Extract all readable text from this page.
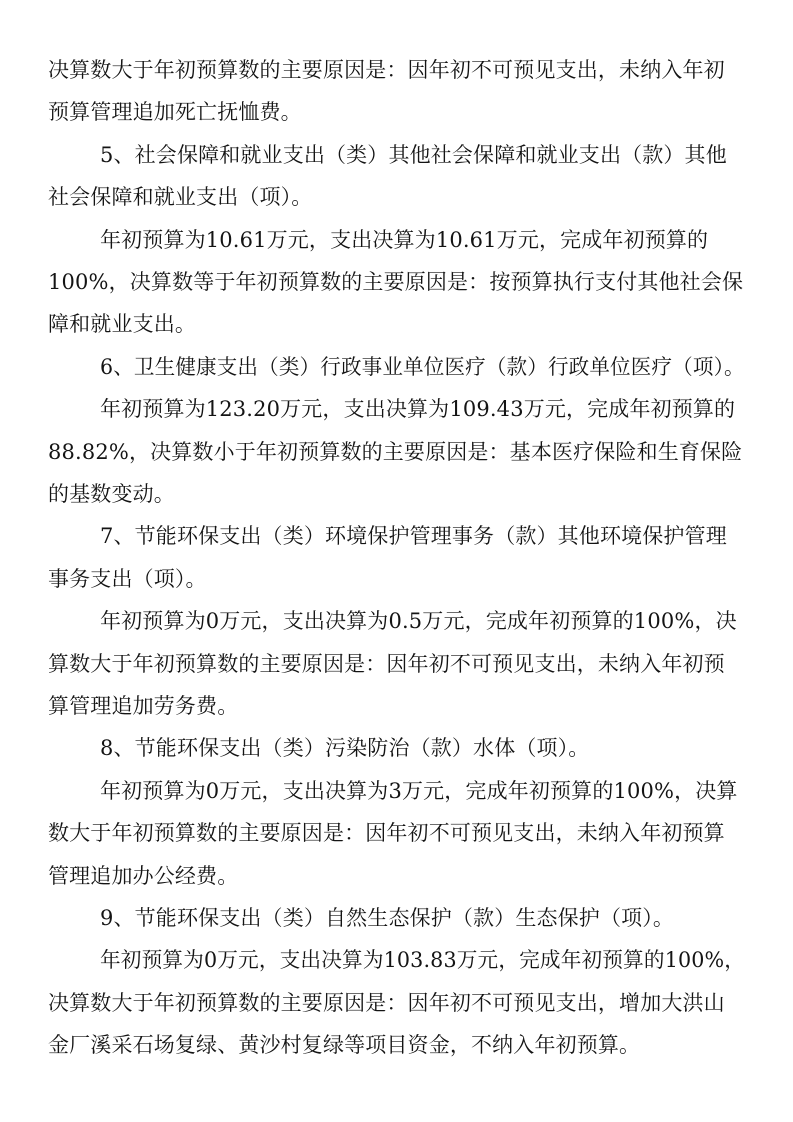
决算数大于年初预算数的主要原因是：因年初不可预见支出，未纳入年初

预算管理追加死亡抚恤费。

5、社会保障和就业支出（类）其他社会保障和就业支出（款）其他

社会保障和就业支出（项）。

年初预算为10.61万元，支出决算为10.61万元，完成年初预算的

100%，决算数等于年初预算数的主要原因是：按预算执行支付其他社会保

障和就业支出。

6、卫生健康支出（类）行政事业单位医疗（款）行政单位医疗（项）。

年初预算为123.20万元，支出决算为109.43万元，完成年初预算的

88.82%，决算数小于年初预算数的主要原因是：基本医疗保险和生育保险

的基数变动。

7、节能环保支出（类）环境保护管理事务（款）其他环境保护管理

事务支出（项）。

年初预算为0万元，支出决算为0.5万元，完成年初预算的100%，决

算数大于年初预算数的主要原因是：因年初不可预见支出，未纳入年初预

算管理追加劳务费。

8、节能环保支出（类）污染防治（款）水体（项）。

年初预算为0万元，支出决算为3万元，完成年初预算的100%，决算

数大于年初预算数的主要原因是：因年初不可预见支出，未纳入年初预算

管理追加办公经费。

9、节能环保支出（类）自然生态保护（款）生态保护（项）。

年初预算为0万元，支出决算为103.83万元，完成年初预算的100%，

决算数大于年初预算数的主要原因是：因年初不可预见支出，增加大洪山

金厂溪采石场复绿、黄沙村复绿等项目资金，不纳入年初预算。
